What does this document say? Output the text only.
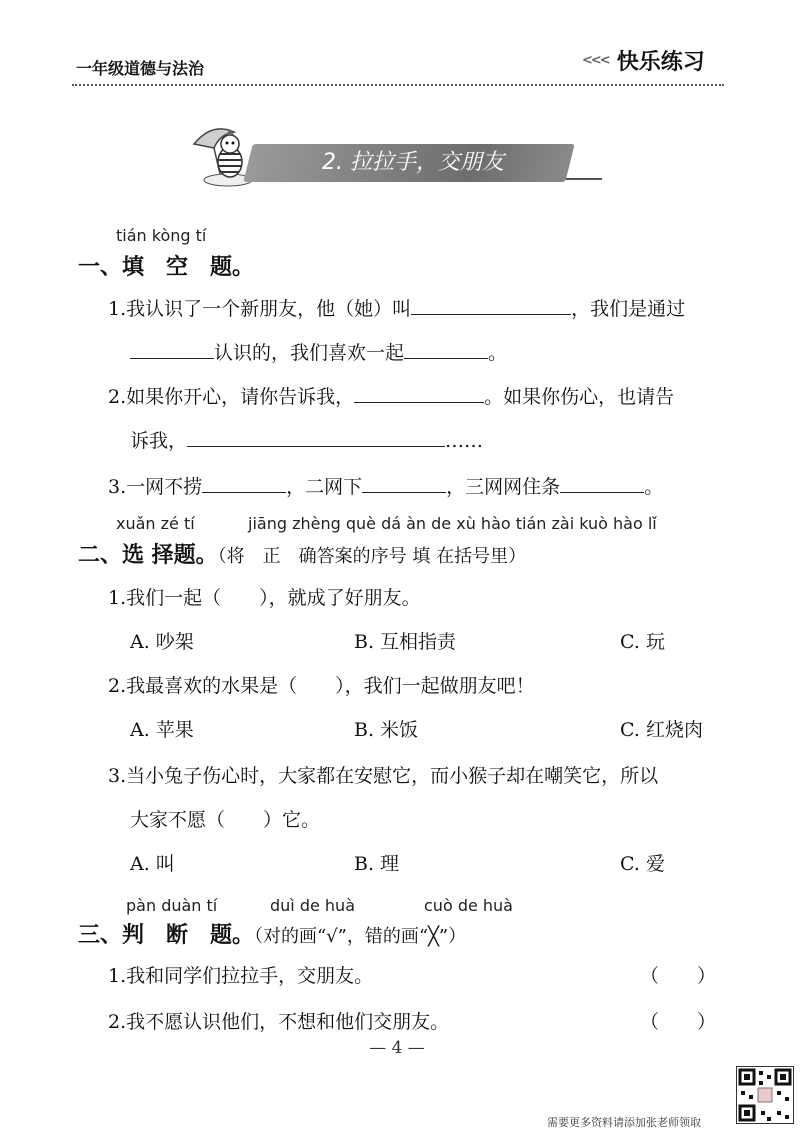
一年级道德与法治	<<< 快乐练习
2. 拉拉手，交朋友
tián kòng tí
一、填　空　题。
1.我认识了一个新朋友，他（她）叫	，我们是通过
认识的，我们喜欢一起	。
2.如果你开心，请你告诉我，	。如果你伤心，也请告
诉我，	……
3.一网不捞	，二网下	，三网网住条	。
xuǎn zé tí	jiāng zhèng què dá àn de xù hào tián zài kuò hào lǐ
二、选 择题。（将　正　确答案的序号 填 在括号里）
1.我们一起（　　），就成了好朋友。
A. 吵架	B. 互相指责	C. 玩
2.我最喜欢的水果是（　　），我们一起做朋友吧！
A. 苹果	B. 米饭	C. 红烧肉
3.当小兔子伤心时，大家都在安慰它，而小猴子却在嘲笑它，所以
大家不愿（　　）它。
A. 叫	B. 理	C. 爱
pàn duàn tí	duì de huà	cuò de huà
三、判　断　题。（对的画“√”，错的画“╳”）
1.我和同学们拉拉手，交朋友。	（　　）
2.我不愿认识他们，不想和他们交朋友。	（　　）
— 4 —
需要更多资料请添加张老师领取
